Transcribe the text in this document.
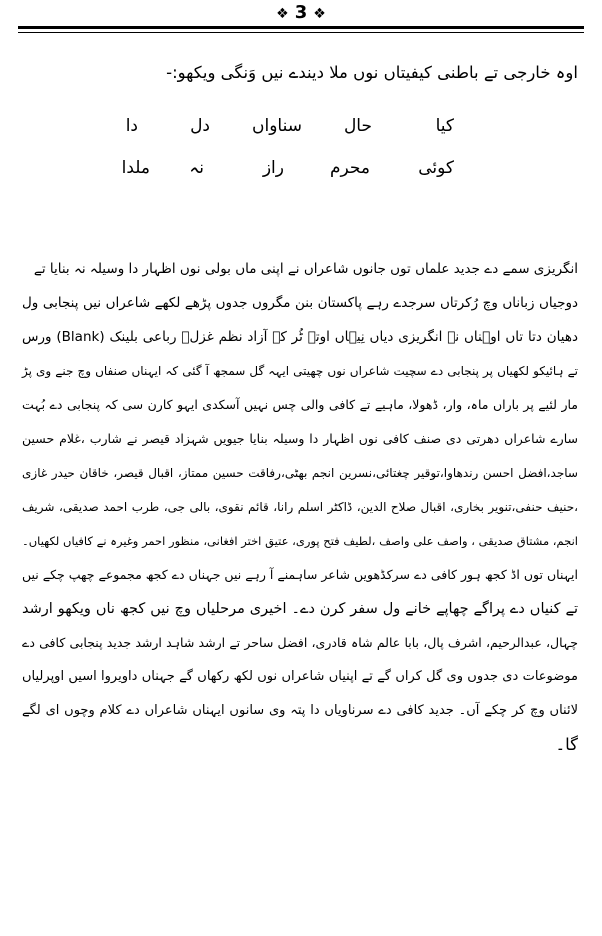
❖ 3 ❖
اوہ خارجی تے باطنی کیفیتاں نوں ملا دیندے نیں وَنگی ویکھو:-
کیا
حال
سناواں
دل
دا
کوئی
محرم
راز
نہ
ملدا
انگریزی سمے دے جدید علماں توں جانوں شاعراں نے اپنی ماں بولی نوں اظہار دا وسیلہ نہ بنایا تے
دوجیاں زباناں وچ رُکرتاں سرجدے رہے پاکستان بنن مگروں جدوں پڑھے لکھے شاعراں نیں پنجابی ول
دھیان دتا تاں اوہناں نے انگریزی دیاں نِیہاں اوتے ٹُر کے آزاد نظم غزلؔ رباعی بلینک (Blank) ورس
تے ہائیکو لکھیاں پر پنجابی دے سچیت شاعراں نوں چھیتی ایہہ گل سمجھ آ گئی کہ ایہناں صنفاں وچ جنے وی پڑ
مار لئیے پر باراں ماہ، وار، ڈھولا، ماہیے تے کافی والی چس نہیں آسکدی ایہو کارن سی کہ پنجابی دے بُہت
سارے شاعراں دھرتی دی صنف کافی نوں اظہار دا وسیلہ بنایا جیویں شہزاد قیصر نے شارب ،غلام حسین
ساجد،افضل احسن رندھاوا،توقیر چغتائی،نسرین انجم بھٹی،رفاقت حسین ممتاز، اقبال قیصر، خاقان حیدر غازی
،حنیف حنفی،تنویر بخاری، اقبال صلاح الدین، ڈاکٹر اسلم رانا، قائم نقوی، بالی جی، طرب احمد صدیقی، شریف
انجم، مشتاق صدیقی ، واصف علی واصف ،لطیف فتح پوری، عتیق اختر افغانی، منظور احمر وغیرہ نے کافیاں لکھیاں۔
ایہناں توں اڈ کجھ ہور کافی دے سرکڈھویں شاعر ساہمنے آ رہے نیں جہناں دے کجھ مجموعے چھپ چکے نیں
تے کنیاں دے پراگے چھاپے خانے ول سفر کرن دے۔ اخیری مرحلیاں وچ نیں کجھ ناں ویکھو ارشد
چہال، عبدالرحیم، اشرف پال، بابا عالم شاہ قادری، افضل ساحر تے ارشد شاہد ارشد جدید پنجابی کافی دے
موضوعات دی جدوں وی گل کراں گے تے اپنیاں شاعراں نوں لکھ رکھاں گے جہناں داویروا اسیں اوپرلیاں
لائناں وچ کر چکے آں۔ جدید کافی دے سرناویاں دا پتہ وی سانوں ایہناں شاعراں دے کلام وچوں ای لگے
گا۔
